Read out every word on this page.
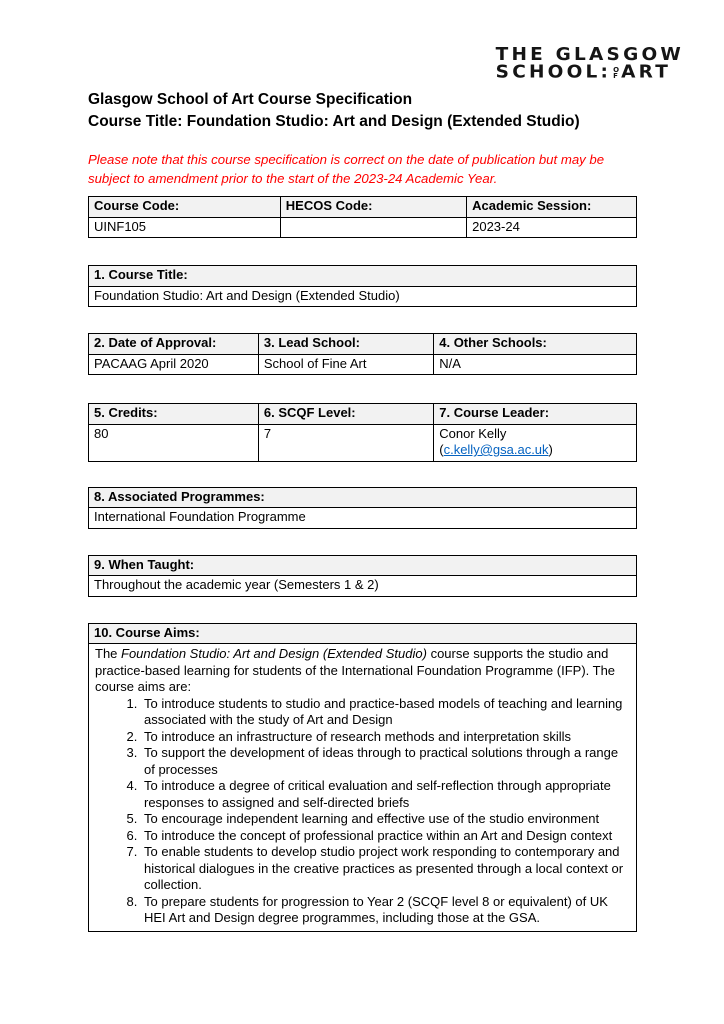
THE GLASGOW
SCHOOL: O
F ART
Glasgow School of Art Course Specification
Course Title: Foundation Studio: Art and Design (Extended Studio)

Please note that this course specification is correct on the date of publication but may be subject to amendment prior to the start of the 2023-24 Academic Year.

Course Code:	HECOS Code:	Academic Session:
UINF105		2023-24
1. Course Title:
Foundation Studio: Art and Design (Extended Studio)
2. Date of Approval:	3. Lead School:	4. Other Schools:
PACAAG April 2020	School of Fine Art	N/A
5. Credits:	6. SCQF Level:	7. Course Leader:
80	7	Conor Kelly
(c.kelly@gsa.ac.uk)
8. Associated Programmes:
International Foundation Programme
9. When Taught:
Throughout the academic year (Semesters 1 & 2)
10. Course Aims:

The Foundation Studio: Art and Design (Extended Studio) course supports the studio and practice-based learning for students of the International Foundation Programme (IFP). The course aims are:

1. To introduce students to studio and practice-based models of teaching and learning associated with the study of Art and Design
2. To introduce an infrastructure of research methods and interpretation skills
3. To support the development of ideas through to practical solutions through a range of processes
4. To introduce a degree of critical evaluation and self-reflection through appropriate responses to assigned and self-directed briefs
5. To encourage independent learning and effective use of the studio environment
6. To introduce the concept of professional practice within an Art and Design context
7. To enable students to develop studio project work responding to contemporary and historical dialogues in the creative practices as presented through a local context or collection.
8. To prepare students for progression to Year 2 (SCQF level 8 or equivalent) of UK HEI Art and Design degree programmes, including those at the GSA.
